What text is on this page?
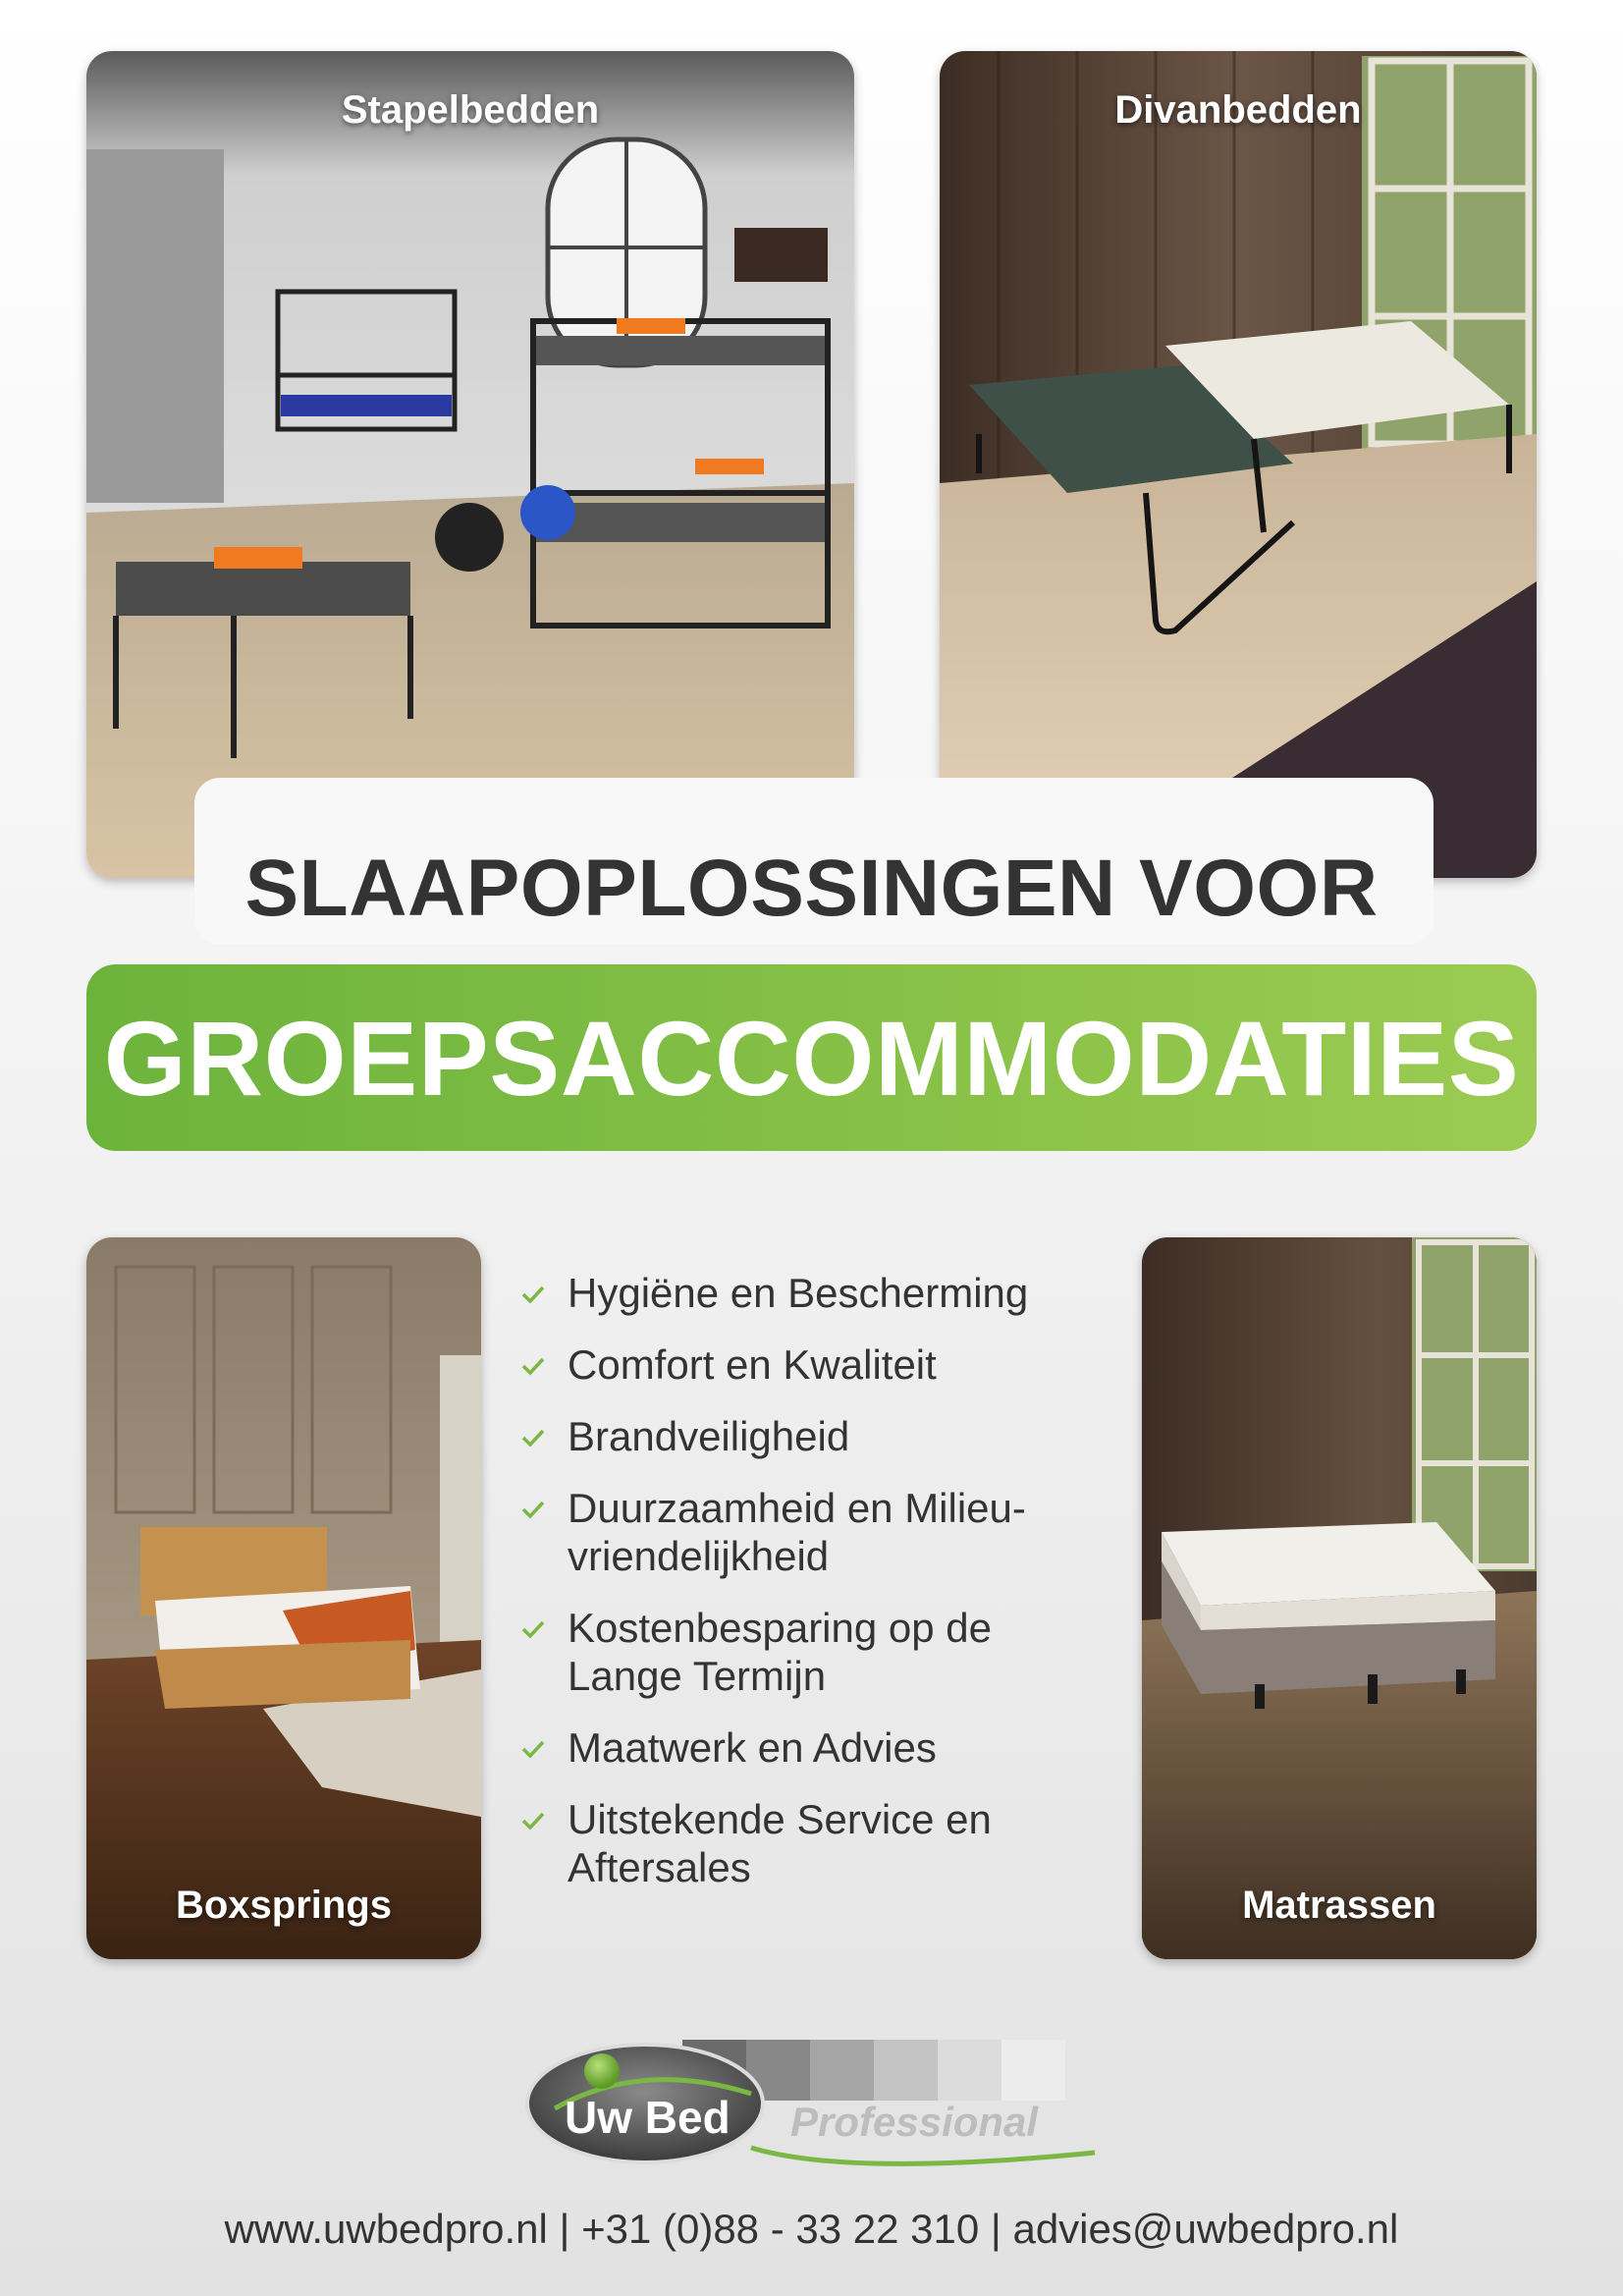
Stapelbedden	Divanbedden
SLAAPOPLOSSINGEN VOOR
GROEPSACCOMMODATIES
Boxsprings
Hygiëne en Bescherming
Comfort en Kwaliteit
Brandveiligheid
Duurzaamheid en Milieu-vriendelijkheid
Kostenbesparing op de Lange Termijn
Maatwerk en Advies
Uitstekende Service en Aftersales
Matrassen
Uw Bed Professional
www.uwbedpro.nl | +31 (0)88 - 33 22 310 | advies@uwbedpro.nl
